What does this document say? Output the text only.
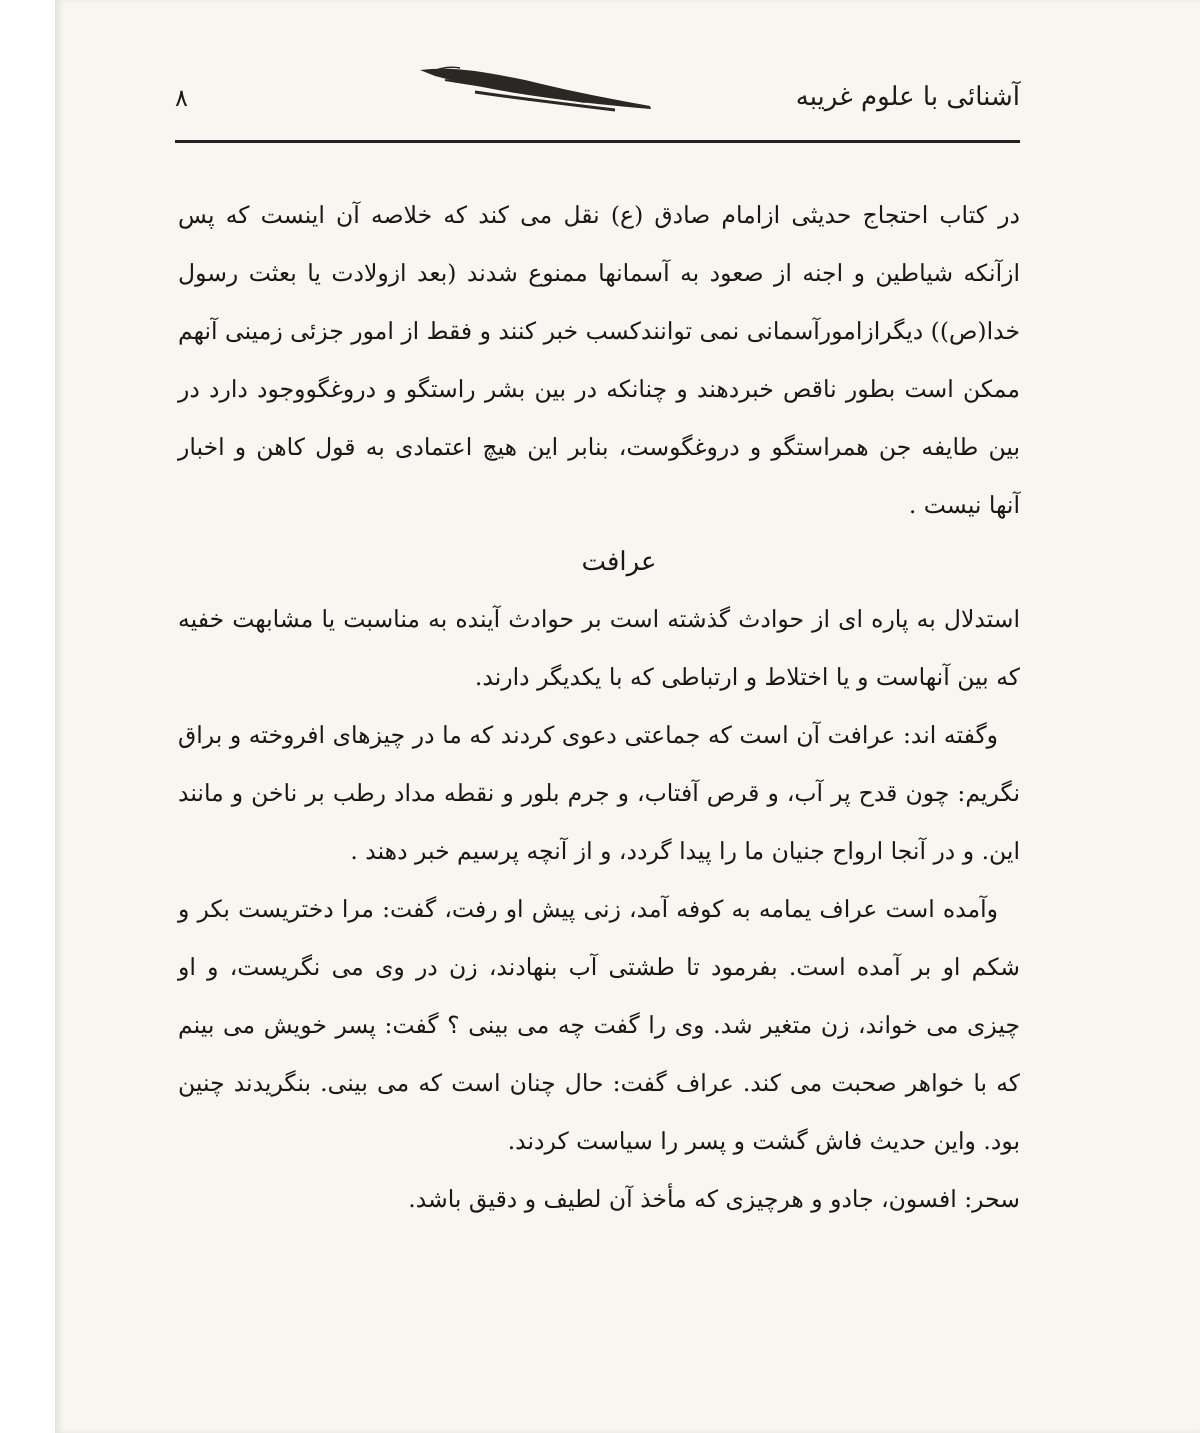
۸	آشنائی با علوم غریبه

در کتاب احتجاج حدیثی ازامام صادق (ع) نقل می کند که خلاصه آن اینست که پس ازآنکه شیاطین و اجنه از صعود به آسمانها ممنوع شدند (بعد ازولادت یا بعثت رسول خدا(ص)) دیگرازامورآسمانی نمی توانندکسب خبر کنند و فقط از امور جزئی زمینی آنهم ممکن است بطور ناقص خبردهند و چنانکه در بین بشر راستگو و دروغگووجود دارد در بین طایفه جن همراستگو و دروغگوست، بنابر این هیچ اعتمادی به قول کاهن و اخبار آنها نیست .

عرافت

استدلال به پاره ای از حوادث گذشته است بر حوادث آینده به مناسبت یا مشابهت خفیه که بین آنهاست و یا اختلاط و ارتباطی که با یکدیگر دارند.

وگفته اند: عرافت آن است که جماعتی دعوی کردند که ما در چیزهای افروخته و براق نگریم: چون قدح پر آب، و قرص آفتاب، و جرم بلور و نقطه مداد رطب بر ناخن و مانند این. و در آنجا ارواح جنیان ما را پیدا گردد، و از آنچه پرسیم خبر دهند .

وآمده است عراف یمامه به کوفه آمد، زنی پیش او رفت، گفت: مرا دختریست بکر و شکم او بر آمده است. بفرمود تا طشتی آب بنهادند، زن در وی می نگریست، و او چیزی می خواند، زن متغیر شد. وی را گفت چه می بینی ؟ گفت: پسر خویش می بینم که با خواهر صحبت می کند. عراف گفت: حال چنان است که می بینی. بنگریدند چنین بود. واین حدیث فاش گشت و پسر را سیاست کردند.

سحر: افسون، جادو و هرچیزی که مأخذ آن لطیف و دقیق باشد.
